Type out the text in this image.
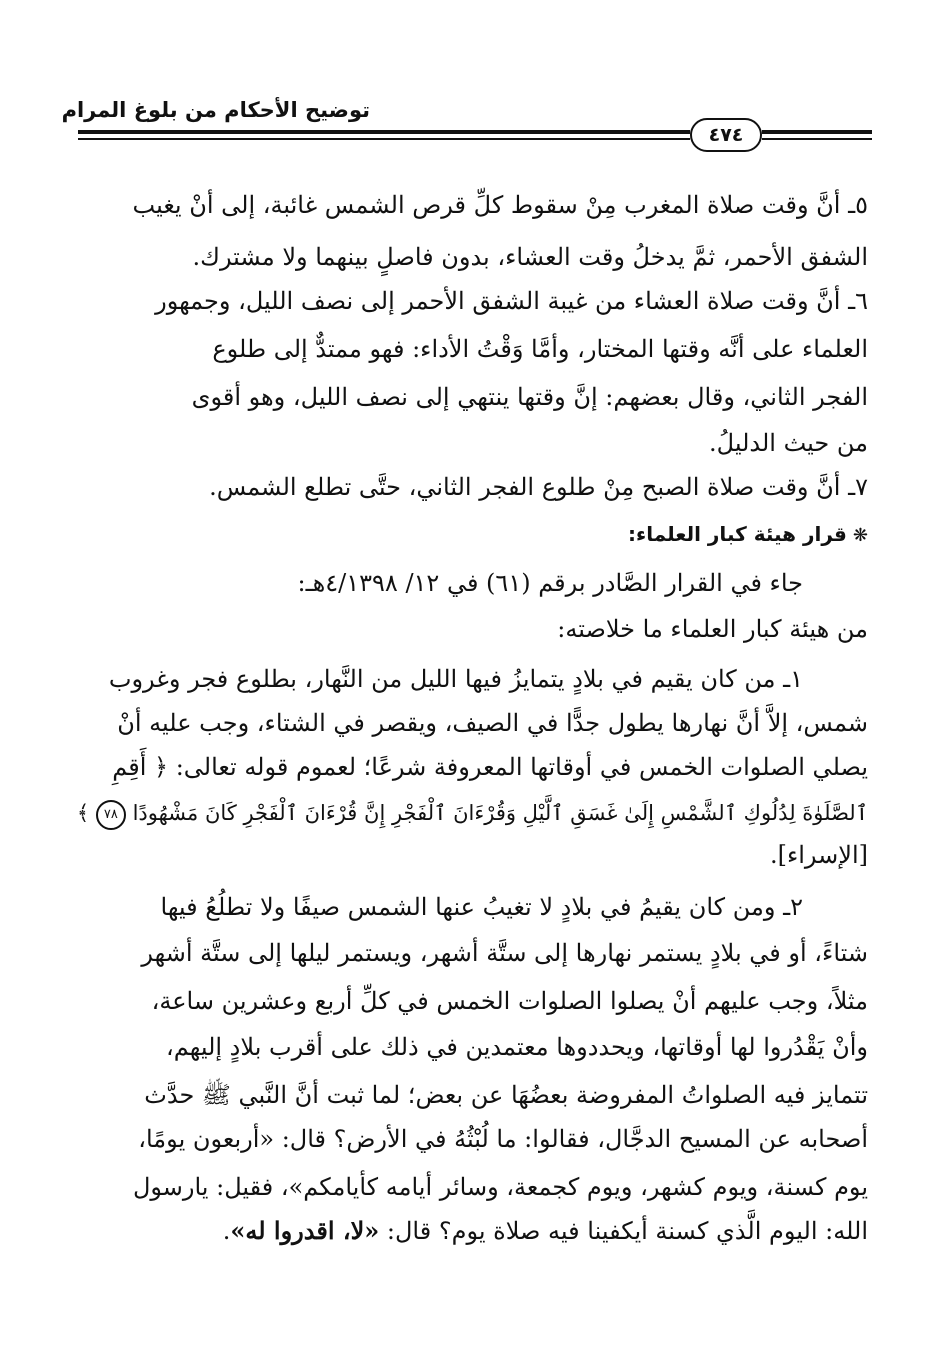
توضيح الأحكام من بلوغ المرام
٤٧٤

٥ـ أنَّ وقت صلاة المغرب مِنْ سقوط كلِّ قرص الشمس غائبة، إلى أنْ يغيب

الشفق الأحمر، ثمَّ يدخلُ وقت العشاء، بدون فاصلٍ بينهما ولا مشترك.

٦ـ أنَّ وقت صلاة العشاء من غيبة الشفق الأحمر إلى نصف الليل، وجمهور

العلماء على أنَّه وقتها المختار، وأمَّا وَقْتُ الأداء: فهو ممتدٌّ إلى طلوع

الفجر الثاني، وقال بعضهم: إنَّ وقتها ينتهي إلى نصف الليل، وهو أقوى

من حيث الدليلُ.

٧ـ أنَّ وقت صلاة الصبح مِنْ طلوع الفجر الثاني، حتَّى تطلع الشمس.

❋قرار هيئة كبار العلماء:

جاء في القرار الصَّادر برقم (٦١) في ١٢/ ٤/١٣٩٨هـ:

من هيئة كبار العلماء ما خلاصته:

١ـ من كان يقيم في بلادٍ يتمايزُ فيها الليل من النَّهار، بطلوع فجر وغروب

شمس، إلاَّ أنَّ نهارها يطول جدًّا في الصيف، ويقصر في الشتاء، وجب عليه أنْ

يصلي الصلوات الخمس في أوقاتها المعروفة شرعًا؛ لعموم قوله تعالى: ﴿ أَقِمِ

ٱلصَّلَوٰةَ لِدُلُوكِ ٱلشَّمْسِ إِلَىٰ غَسَقِ ٱلَّيْلِ وَقُرْءَانَ ٱلْفَجْرِ إِنَّ قُرْءَانَ ٱلْفَجْرِ كَانَ مَشْهُودًا
٧٨
﴾

[الإسراء].

٢ـ ومن كان يقيمُ في بلادٍ لا تغيبُ عنها الشمس صيفًا ولا تطلُعُ فيها

شتاءً، أو في بلادٍ يستمر نهارها إلى ستَّة أشهر، ويستمر ليلها إلى ستَّة أشهر

مثلاً، وجب عليهم أنْ يصلوا الصلوات الخمس في كلِّ أربع وعشرين ساعة،

وأنْ يَقْدُروا لها أوقاتها، ويحددوها معتمدين في ذلك على أقرب بلادٍ إليهم،

تتمايز فيه الصلواتُ المفروضة بعضُهَا عن بعض؛ لما ثبت أنَّ النَّبي ﷺ حدَّث

أصحابه عن المسيح الدجَّال، فقالوا: ما لُبْثُهُ في الأرض؟ قال: «أربعون يومًا،

يوم كسنة، ويوم كشهر، ويوم كجمعة، وسائر أيامه كأيامكم»، فقيل: يارسول

الله: اليوم الَّذي كسنة أيكفينا فيه صلاة يوم؟ قال: «لا، اقدروا له».
